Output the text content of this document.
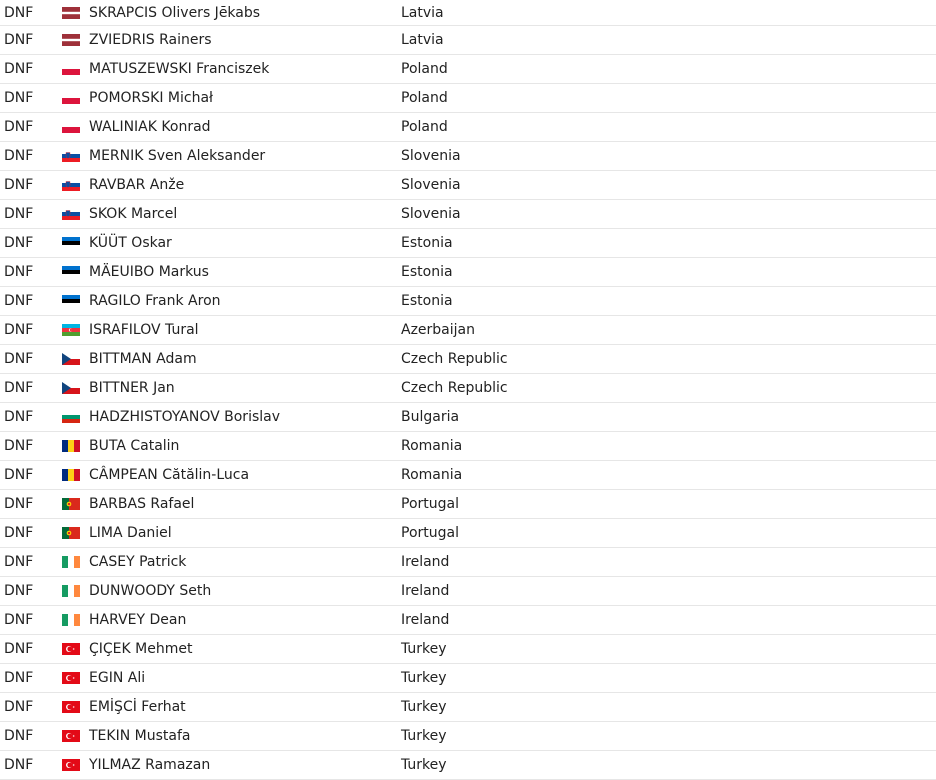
DNF	SKRAPCIS Olivers Jēkabs	Latvia
DNF	ZVIEDRIS Rainers	Latvia
DNF	MATUSZEWSKI Franciszek	Poland
DNF	POMORSKI Michał	Poland
DNF	WALINIAK Konrad	Poland
DNF	MERNIK Sven Aleksander	Slovenia
DNF	RAVBAR Anže	Slovenia
DNF	SKOK Marcel	Slovenia
DNF	KÜÜT Oskar	Estonia
DNF	MÄEUIBO Markus	Estonia
DNF	RAGILO Frank Aron	Estonia
DNF	ISRAFILOV Tural	Azerbaijan
DNF	BITTMAN Adam	Czech Republic
DNF	BITTNER Jan	Czech Republic
DNF	HADZHISTOYANOV Borislav	Bulgaria
DNF	BUTA Catalin	Romania
DNF	CÂMPEAN Cătălin-Luca	Romania
DNF	BARBAS Rafael	Portugal
DNF	LIMA Daniel	Portugal
DNF	CASEY Patrick	Ireland
DNF	DUNWOODY Seth	Ireland
DNF	HARVEY Dean	Ireland
DNF	ÇIÇEK Mehmet	Turkey
DNF	EGIN Ali	Turkey
DNF	EMİŞCİ Ferhat	Turkey
DNF	TEKIN Mustafa	Turkey
DNF	YILMAZ Ramazan	Turkey
